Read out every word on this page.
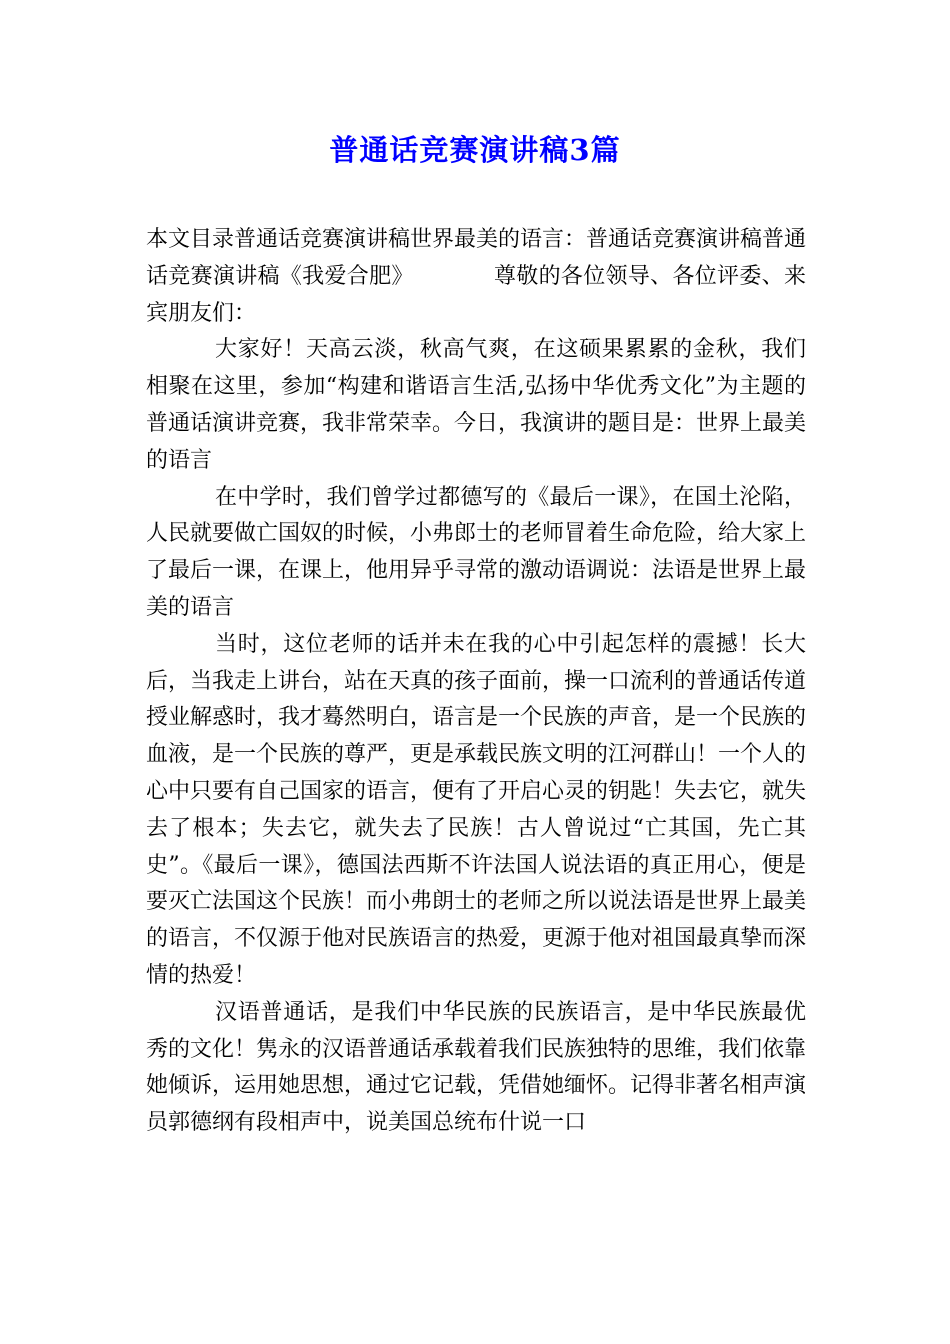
普通话竞赛演讲稿3篇

本文目录普通话竞赛演讲稿世界最美的语言：普通话竞赛演讲稿普通话竞赛演讲稿《我爱合肥》	尊敬的各位领导、各位评委、来宾朋友们：

大家好！天高云淡，秋高气爽，在这硕果累累的金秋，我们相聚在这里，参加“构建和谐语言生活,弘扬中华优秀文化”为主题的普通话演讲竞赛，我非常荣幸。今日，我演讲的题目是：世界上最美的语言

在中学时，我们曾学过都德写的《最后一课》，在国土沦陷，人民就要做亡国奴的时候，小弗郎士的老师冒着生命危险，给大家上了最后一课，在课上，他用异乎寻常的激动语调说：法语是世界上最美的语言

当时，这位老师的话并未在我的心中引起怎样的震撼！长大后，当我走上讲台，站在天真的孩子面前，操一口流利的普通话传道授业解惑时，我才蓦然明白，语言是一个民族的声音，是一个民族的血液，是一个民族的尊严，更是承载民族文明的江河群山！一个人的心中只要有自己国家的语言，便有了开启心灵的钥匙！失去它，就失去了根本；失去它，就失去了民族！古人曾说过“亡其国，先亡其史”。《最后一课》，德国法西斯不许法国人说法语的真正用心，便是要灭亡法国这个民族！而小弗朗士的老师之所以说法语是世界上最美的语言，不仅源于他对民族语言的热爱，更源于他对祖国最真挚而深情的热爱！

汉语普通话，是我们中华民族的民族语言，是中华民族最优秀的文化！隽永的汉语普通话承载着我们民族独特的思维，我们依靠她倾诉，运用她思想，通过它记载，凭借她缅怀。记得非著名相声演员郭德纲有段相声中，说美国总统布什说一口
